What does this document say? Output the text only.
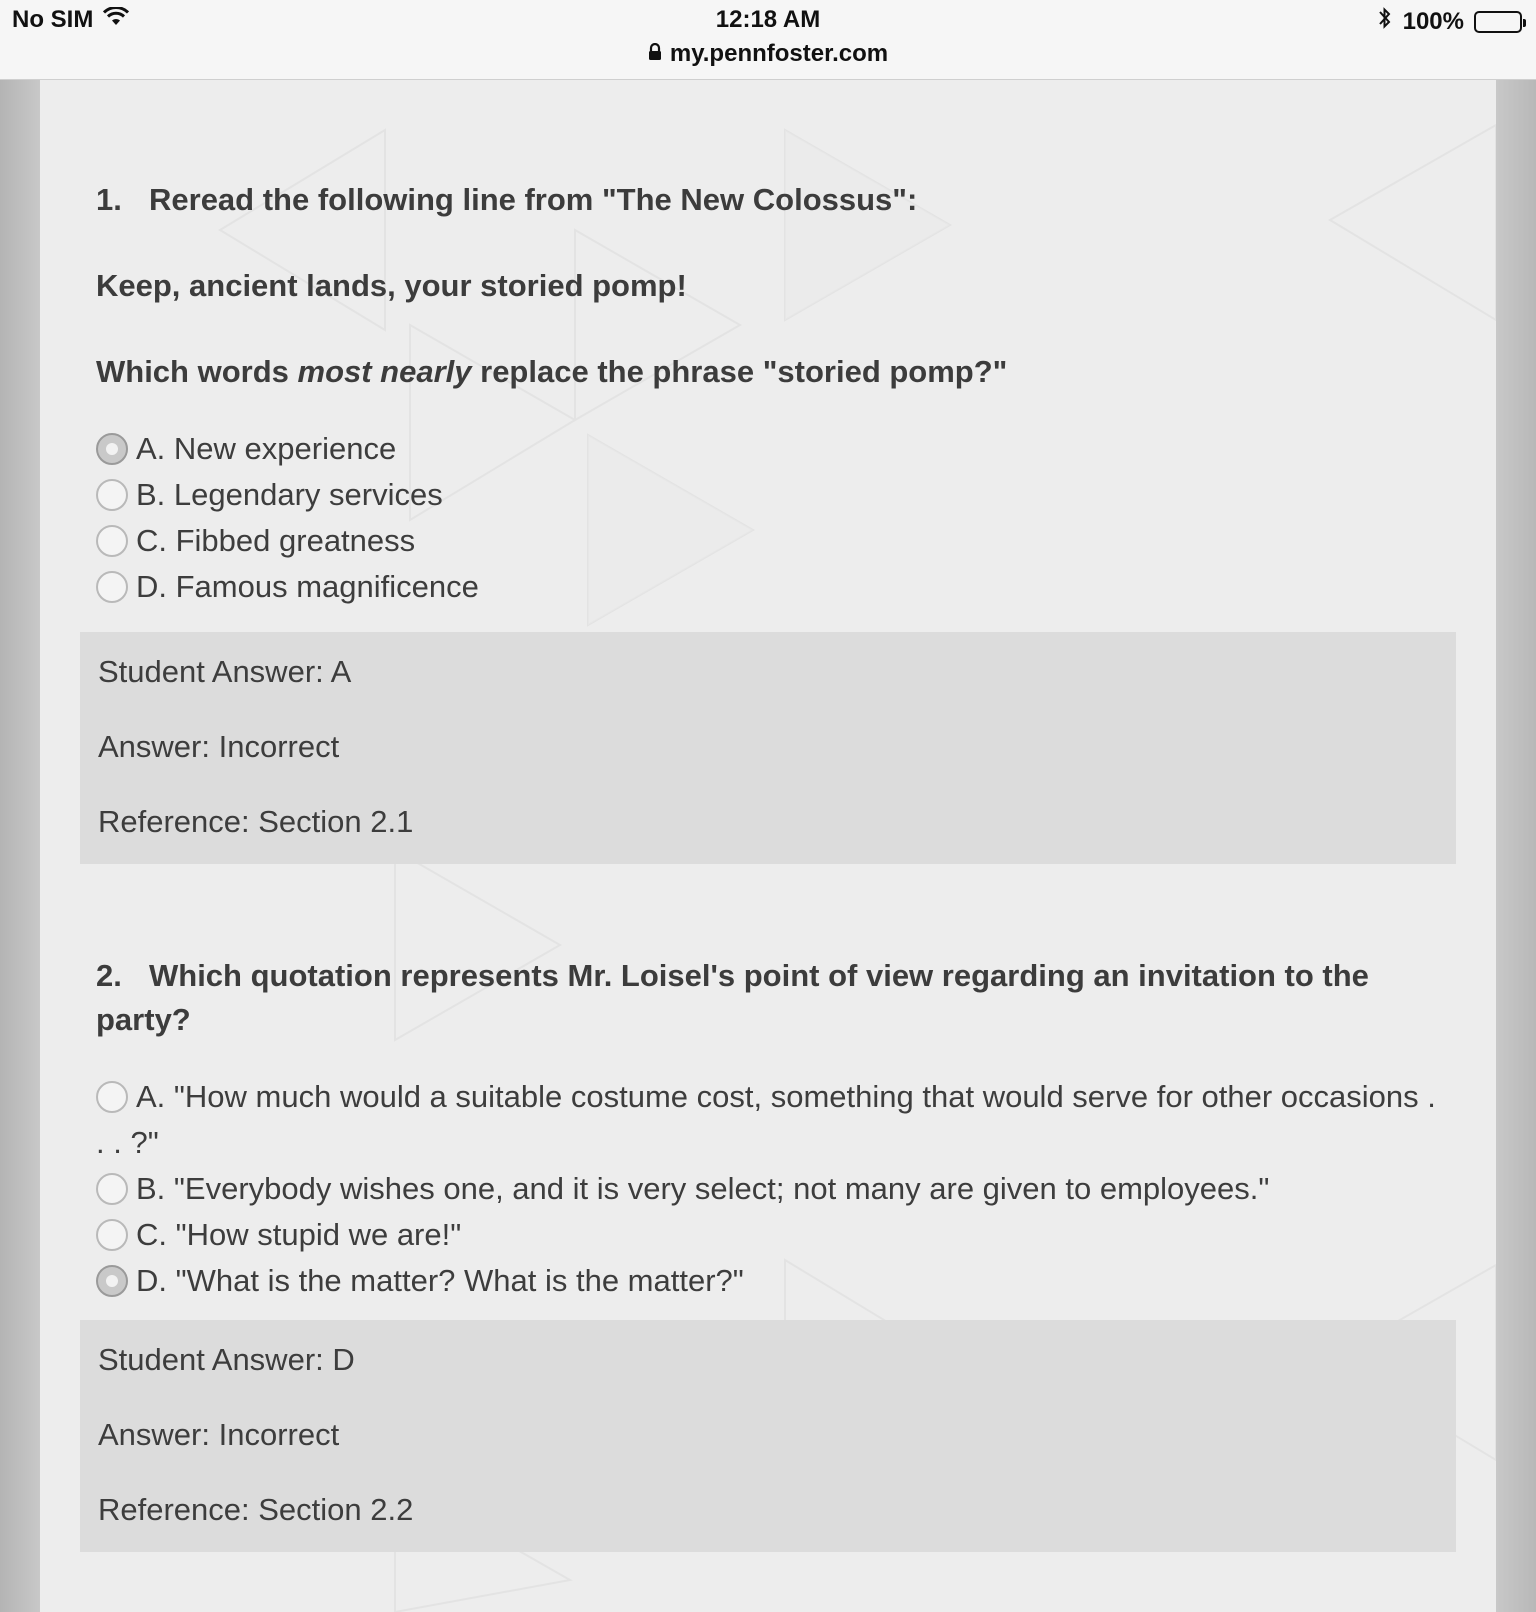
No SIM	12:18 AM
my.pennfoster.com
100%
1. Reread the following line from "The New Colossus":
Keep, ancient lands, your storied pomp!
Which words most nearly replace the phrase "storied pomp?"
A. New experience
B. Legendary services
C. Fibbed greatness
D. Famous magnificence

Student Answer: A

Answer: Incorrect

Reference: Section 2.1

2. Which quotation represents Mr. Loisel's point of view regarding an invitation to the party?
A. "How much would a suitable costume cost, something that would serve for other occasions . . . ?"
B. "Everybody wishes one, and it is very select; not many are given to employees."
C. "How stupid we are!"
D. "What is the matter? What is the matter?"

Student Answer: D

Answer: Incorrect

Reference: Section 2.2
